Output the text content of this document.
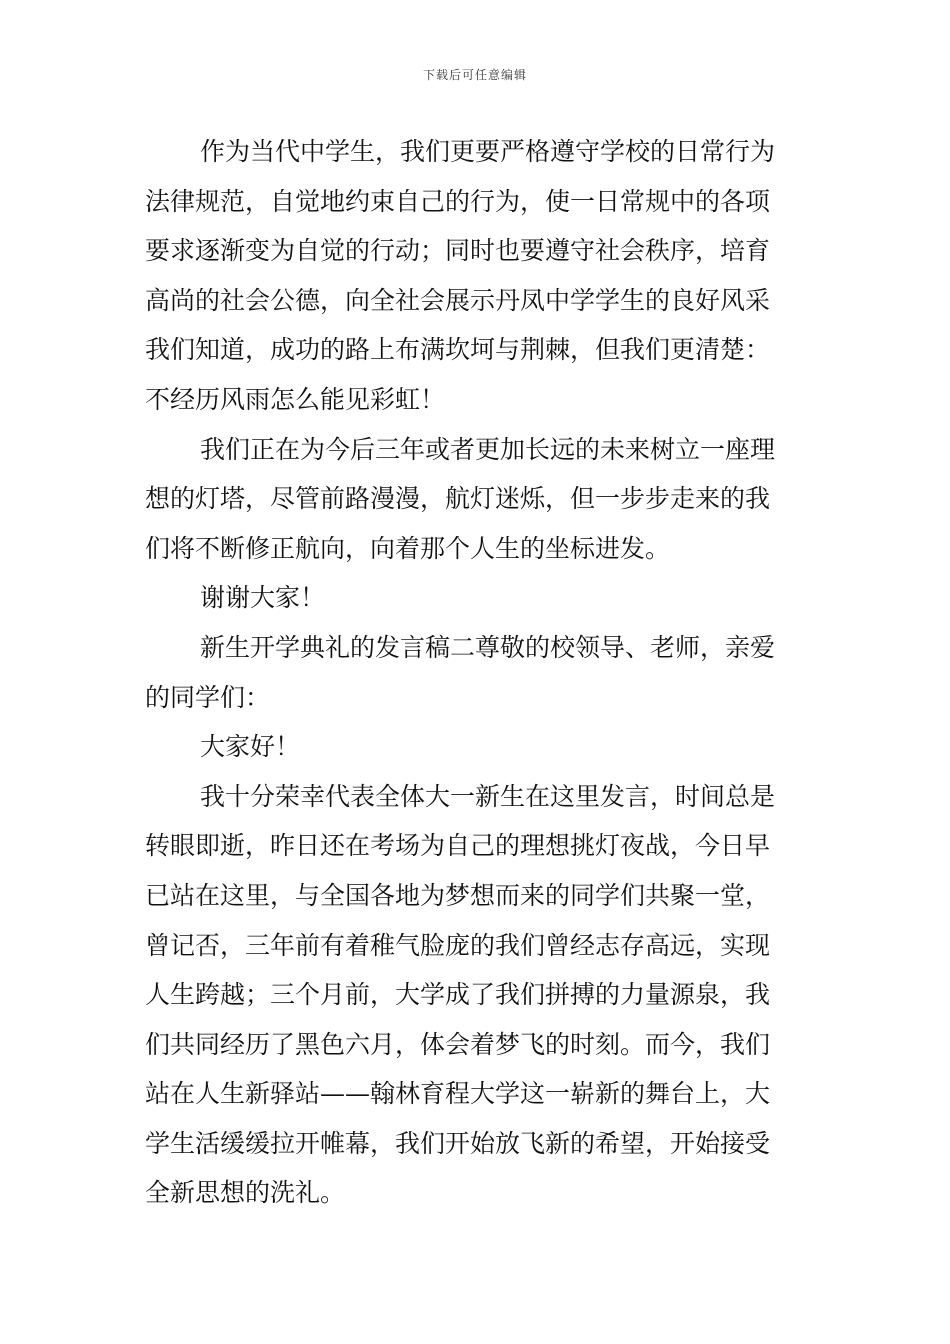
下载后可任意编辑
作为当代中学生，我们更要严格遵守学校的日常行为
法律规范，自觉地约束自己的行为，使一日常规中的各项
要求逐渐变为自觉的行动；同时也要遵守社会秩序，培育
高尚的社会公德，向全社会展示丹凤中学学生的良好风采
我们知道，成功的路上布满坎坷与荆棘，但我们更清楚：
不经历风雨怎么能见彩虹！
我们正在为今后三年或者更加长远的未来树立一座理
想的灯塔，尽管前路漫漫，航灯迷烁，但一步步走来的我
们将不断修正航向，向着那个人生的坐标进发。
谢谢大家！
新生开学典礼的发言稿二尊敬的校领导、老师，亲爱
的同学们：
大家好！
我十分荣幸代表全体大一新生在这里发言，时间总是
转眼即逝，昨日还在考场为自己的理想挑灯夜战，今日早
已站在这里，与全国各地为梦想而来的同学们共聚一堂，
曾记否，三年前有着稚气脸庞的我们曾经志存高远，实现
人生跨越；三个月前，大学成了我们拼搏的力量源泉，我
们共同经历了黑色六月，体会着梦飞的时刻。而今，我们
站在人生新驿站——翰林育程大学这一崭新的舞台上，大
学生活缓缓拉开帷幕，我们开始放飞新的希望，开始接受
全新思想的洗礼。
